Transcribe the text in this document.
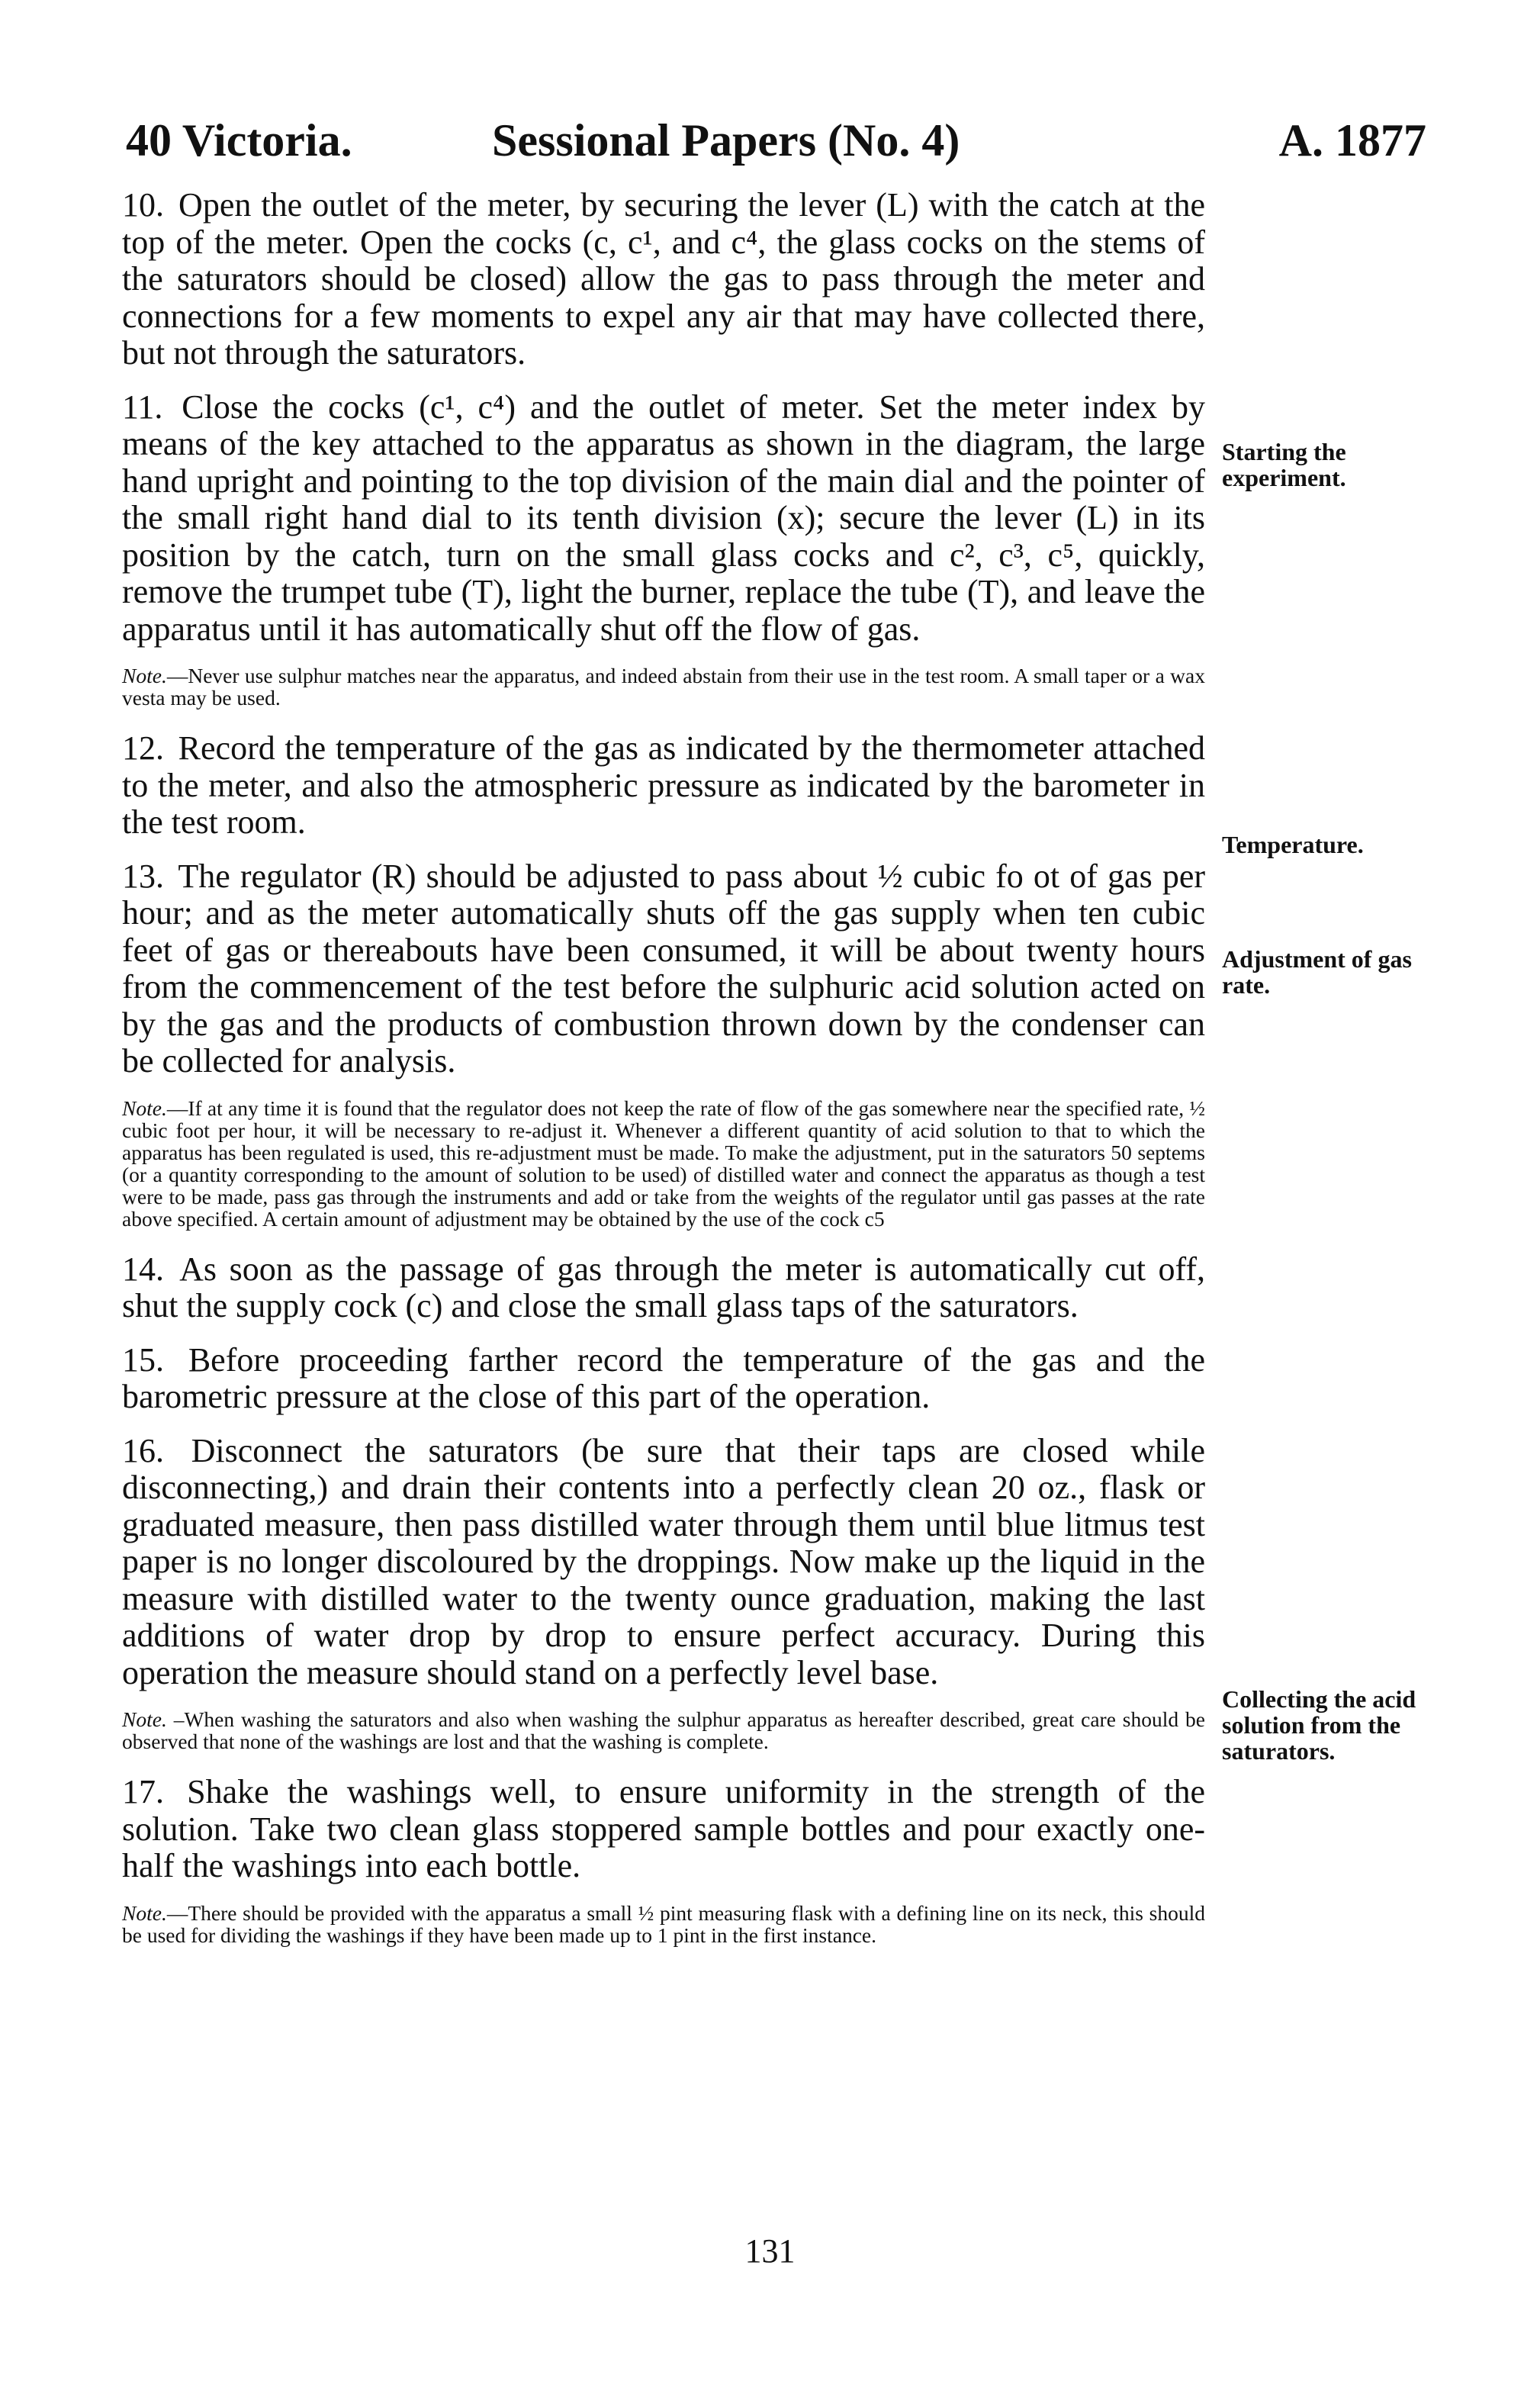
40 Victoria.	Sessional Papers (No. 4)	A. 1877

10. Open the outlet of the meter, by securing the lever (L) with the catch at the top of the meter. Open the cocks (c, c¹, and c⁴, the glass cocks on the stems of the saturators should be closed) allow the gas to pass through the meter and connections for a few moments to expel any air that may have collected there, but not through the saturators.

11. Close the cocks (c¹, c⁴) and the outlet of meter. Set the meter index by means of the key attached to the apparatus as shown in the diagram, the large hand upright and pointing to the top division of the main dial and the pointer of the small right hand dial to its tenth division (x); secure the lever (L) in its position by the catch, turn on the small glass cocks and c², c³, c⁵, quickly, remove the trumpet tube (T), light the burner, replace the tube (T), and leave the apparatus until it has automatically shut off the flow of gas.

Note.—Never use sulphur matches near the apparatus, and indeed abstain from their use in the test room. A small taper or a wax vesta may be used.

12. Record the temperature of the gas as indicated by the thermometer attached to the meter, and also the atmospheric pressure as indicated by the barometer in the test room.

13. The regulator (R) should be adjusted to pass about ½ cubic fo ot of gas per hour; and as the meter automatically shuts off the gas supply when ten cubic feet of gas or thereabouts have been consumed, it will be about twenty hours from the commencement of the test before the sulphuric acid solution acted on by the gas and the products of combustion thrown down by the condenser can be collected for analysis.

Note.—If at any time it is found that the regulator does not keep the rate of flow of the gas somewhere near the specified rate, ½ cubic foot per hour, it will be necessary to re-adjust it. Whenever a different quantity of acid solution to that to which the apparatus has been regulated is used, this re-adjustment must be made. To make the adjustment, put in the saturators 50 septems (or a quantity corresponding to the amount of solution to be used) of distilled water and connect the apparatus as though a test were to be made, pass gas through the instruments and add or take from the weights of the regulator until gas passes at the rate above specified. A certain amount of adjustment may be obtained by the use of the cock c5

14. As soon as the passage of gas through the meter is automatically cut off, shut the supply cock (c) and close the small glass taps of the saturators.

15. Before proceeding farther record the temperature of the gas and the barometric pressure at the close of this part of the operation.

16. Disconnect the saturators (be sure that their taps are closed while disconnecting,) and drain their contents into a perfectly clean 20 oz., flask or graduated measure, then pass distilled water through them until blue litmus test paper is no longer discoloured by the droppings. Now make up the liquid in the measure with distilled water to the twenty ounce graduation, making the last additions of water drop by drop to ensure perfect accuracy. During this operation the measure should stand on a perfectly level base.

Note. –When washing the saturators and also when washing the sulphur apparatus as hereafter described, great care should be observed that none of the washings are lost and that the washing is complete.

17. Shake the washings well, to ensure uniformity in the strength of the solution. Take two clean glass stoppered sample bottles and pour exactly one-half the washings into each bottle.

Note.—There should be provided with the apparatus a small ½ pint measuring flask with a defining line on its neck, this should be used for dividing the washings if they have been made up to 1 pint in the first instance.

Starting the experiment.
Temperature.
Adjustment of gas rate.
Collecting the acid solution from the saturators.
131
